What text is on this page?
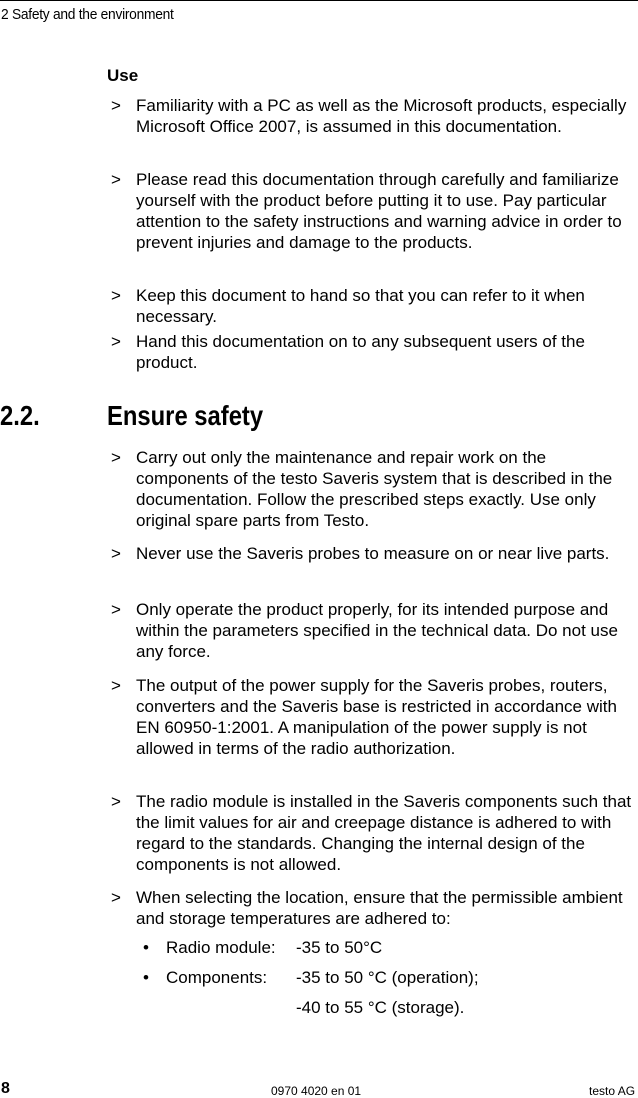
2 Safety and the environment
Use
> Familiarity with a PC as well as the Microsoft products, especially Microsoft Office 2007, is assumed in this documentation.
> Please read this documentation through carefully and familiarize yourself with the product before putting it to use. Pay particular attention to the safety instructions and warning advice in order to prevent injuries and damage to the products.
> Keep this document to hand so that you can refer to it when necessary.
> Hand this documentation on to any subsequent users of the product.
2.2. Ensure safety
> Carry out only the maintenance and repair work on the components of the testo Saveris system that is described in the documentation. Follow the prescribed steps exactly. Use only original spare parts from Testo.
> Never use the Saveris probes to measure on or near live parts.
> Only operate the product properly, for its intended purpose and within the parameters specified in the technical data. Do not use any force.
> The output of the power supply for the Saveris probes, routers, converters and the Saveris base is restricted in accordance with EN 60950-1:2001. A manipulation of the power supply is not allowed in terms of the radio authorization.
> The radio module is installed in the Saveris components such that the limit values for air and creepage distance is adhered to with regard to the standards. Changing the internal design of the components is not allowed.
> When selecting the location, ensure that the permissible ambient and storage temperatures are adhered to:
• Radio module: -35 to 50°C
• Components: -35 to 50 °C (operation);
-40 to 55 °C (storage).
8	0970 4020 en 01	testo AG
